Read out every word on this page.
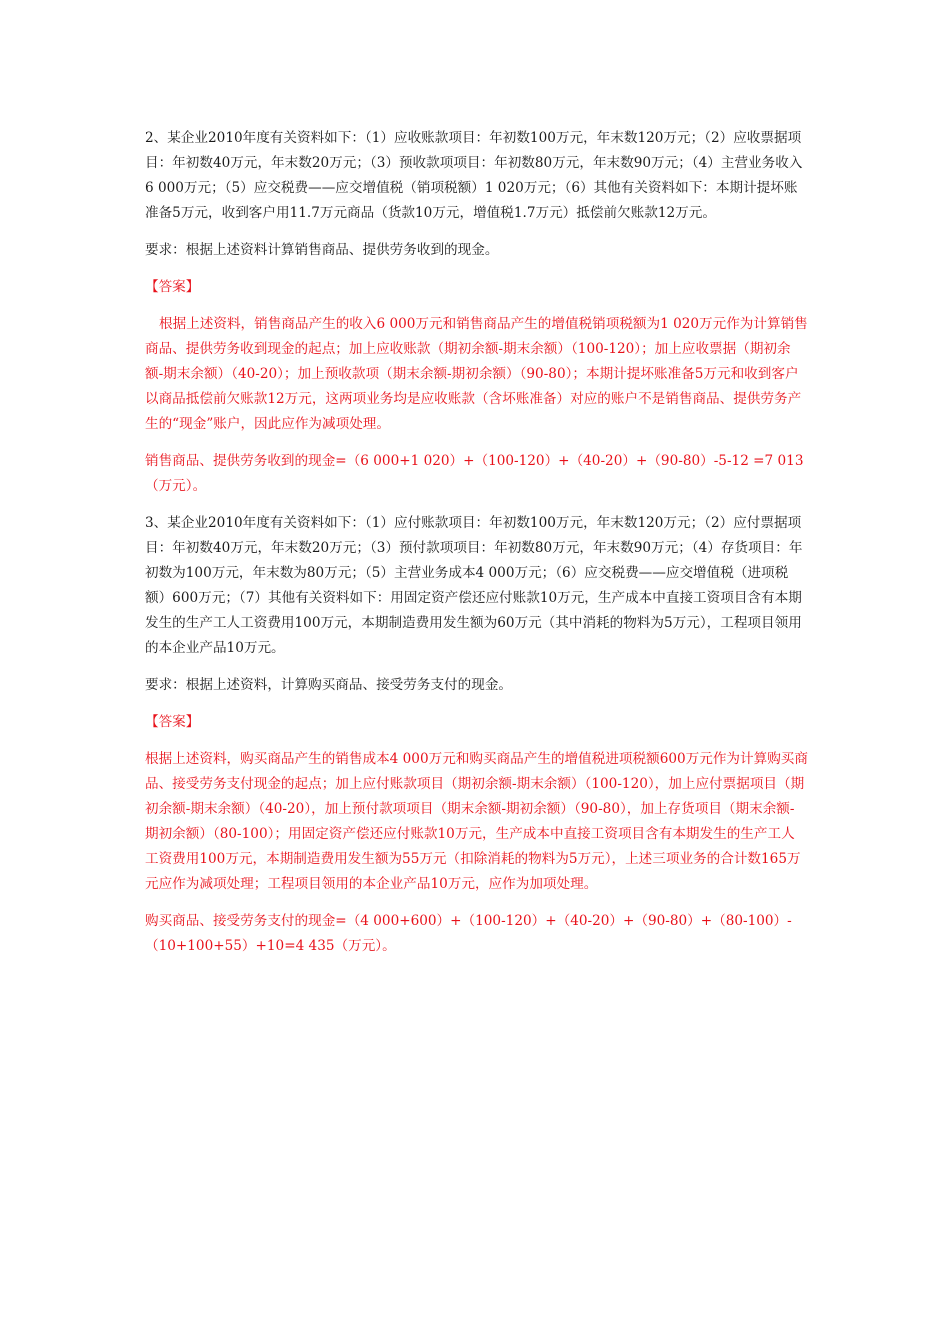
2、某企业2010年度有关资料如下：（1）应收账款项目：年初数100万元，年末数120万元；（2）应收票据项目：年初数40万元，年末数20万元；（3）预收款项项目：年初数80万元，年末数90万元；（4）主营业务收入6 000万元；（5）应交税费——应交增值税（销项税额）1 020万元；（6）其他有关资料如下：本期计提坏账准备5万元，收到客户用11.7万元商品（货款10万元，增值税1.7万元）抵偿前欠账款12万元。

要求：根据上述资料计算销售商品、提供劳务收到的现金。

【答案】

根据上述资料，销售商品产生的收入6 000万元和销售商品产生的增值税销项税额为1 020万元作为计算销售商品、提供劳务收到现金的起点；加上应收账款（期初余额-期末余额）（100-120）；加上应收票据（期初余额-期末余额）（40-20）；加上预收款项（期末余额-期初余额）（90-80）；本期计提坏账准备5万元和收到客户以商品抵偿前欠账款12万元，这两项业务均是应收账款（含坏账准备）对应的账户不是销售商品、提供劳务产生的“现金”账户，因此应作为减项处理。

销售商品、提供劳务收到的现金=（6 000+1 020）+（100-120）+（40-20）+（90-80）-5-12 =7 013（万元）。

3、某企业2010年度有关资料如下：（1）应付账款项目：年初数100万元，年末数120万元；（2）应付票据项目：年初数40万元，年末数20万元；（3）预付款项项目：年初数80万元，年末数90万元；（4）存货项目：年初数为100万元，年末数为80万元；（5）主营业务成本4 000万元；（6）应交税费——应交增值税（进项税额）600万元；（7）其他有关资料如下：用固定资产偿还应付账款10万元，生产成本中直接工资项目含有本期发生的生产工人工资费用100万元，本期制造费用发生额为60万元（其中消耗的物料为5万元），工程项目领用的本企业产品10万元。

要求：根据上述资料，计算购买商品、接受劳务支付的现金。

【答案】

根据上述资料，购买商品产生的销售成本4 000万元和购买商品产生的增值税进项税额600万元作为计算购买商品、接受劳务支付现金的起点；加上应付账款项目（期初余额-期末余额）（100-120），加上应付票据项目（期初余额-期末余额）（40-20），加上预付款项项目（期末余额-期初余额）（90-80），加上存货项目（期末余额-期初余额）（80-100）；用固定资产偿还应付账款10万元，生产成本中直接工资项目含有本期发生的生产工人工资费用100万元，本期制造费用发生额为55万元（扣除消耗的物料为5万元），上述三项业务的合计数165万元应作为减项处理；工程项目领用的本企业产品10万元，应作为加项处理。

购买商品、接受劳务支付的现金=（4 000+600）+（100-120）+（40-20）+（90-80）+（80-100）-（10+100+55）+10=4 435（万元）。
